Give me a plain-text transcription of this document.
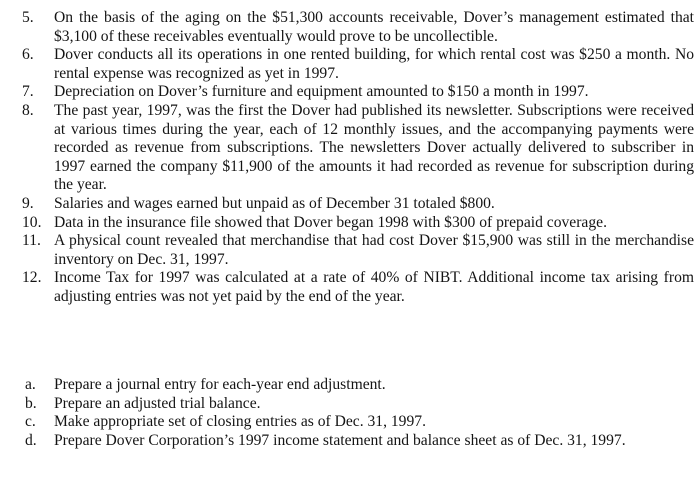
5.	On the basis of the aging on the $51,300 accounts receivable, Dover’s management estimated that $3,100 of these receivables eventually would prove to be uncollectible.
6.	Dover conducts all its operations in one rented building, for which rental cost was $250 a month. No rental expense was recognized as yet in 1997.
7.	Depreciation on Dover’s furniture and equipment amounted to $150 a month in 1997.
8.	The past year, 1997, was the first the Dover had published its newsletter. Subscriptions were received at various times during the year, each of 12 monthly issues, and the accompanying payments were recorded as revenue from subscriptions. The newsletters Dover actually delivered to subscriber in 1997 earned the company $11,900 of the amounts it had recorded as revenue for subscription during the year.
9.	Salaries and wages earned but unpaid as of December 31 totaled $800.
10. Data in the insurance file showed that Dover began 1998 with $300 of prepaid coverage.
11. A physical count revealed that merchandise that had cost Dover $15,900 was still in the merchandise inventory on Dec. 31, 1997.
12. Income Tax for 1997 was calculated at a rate of 40% of NIBT. Additional income tax arising from adjusting entries was not yet paid by the end of the year.
a.	Prepare a journal entry for each-year end adjustment.
b.	Prepare an adjusted trial balance.
c.	Make appropriate set of closing entries as of Dec. 31, 1997.
d.	Prepare Dover Corporation’s 1997 income statement and balance sheet as of Dec. 31, 1997.
